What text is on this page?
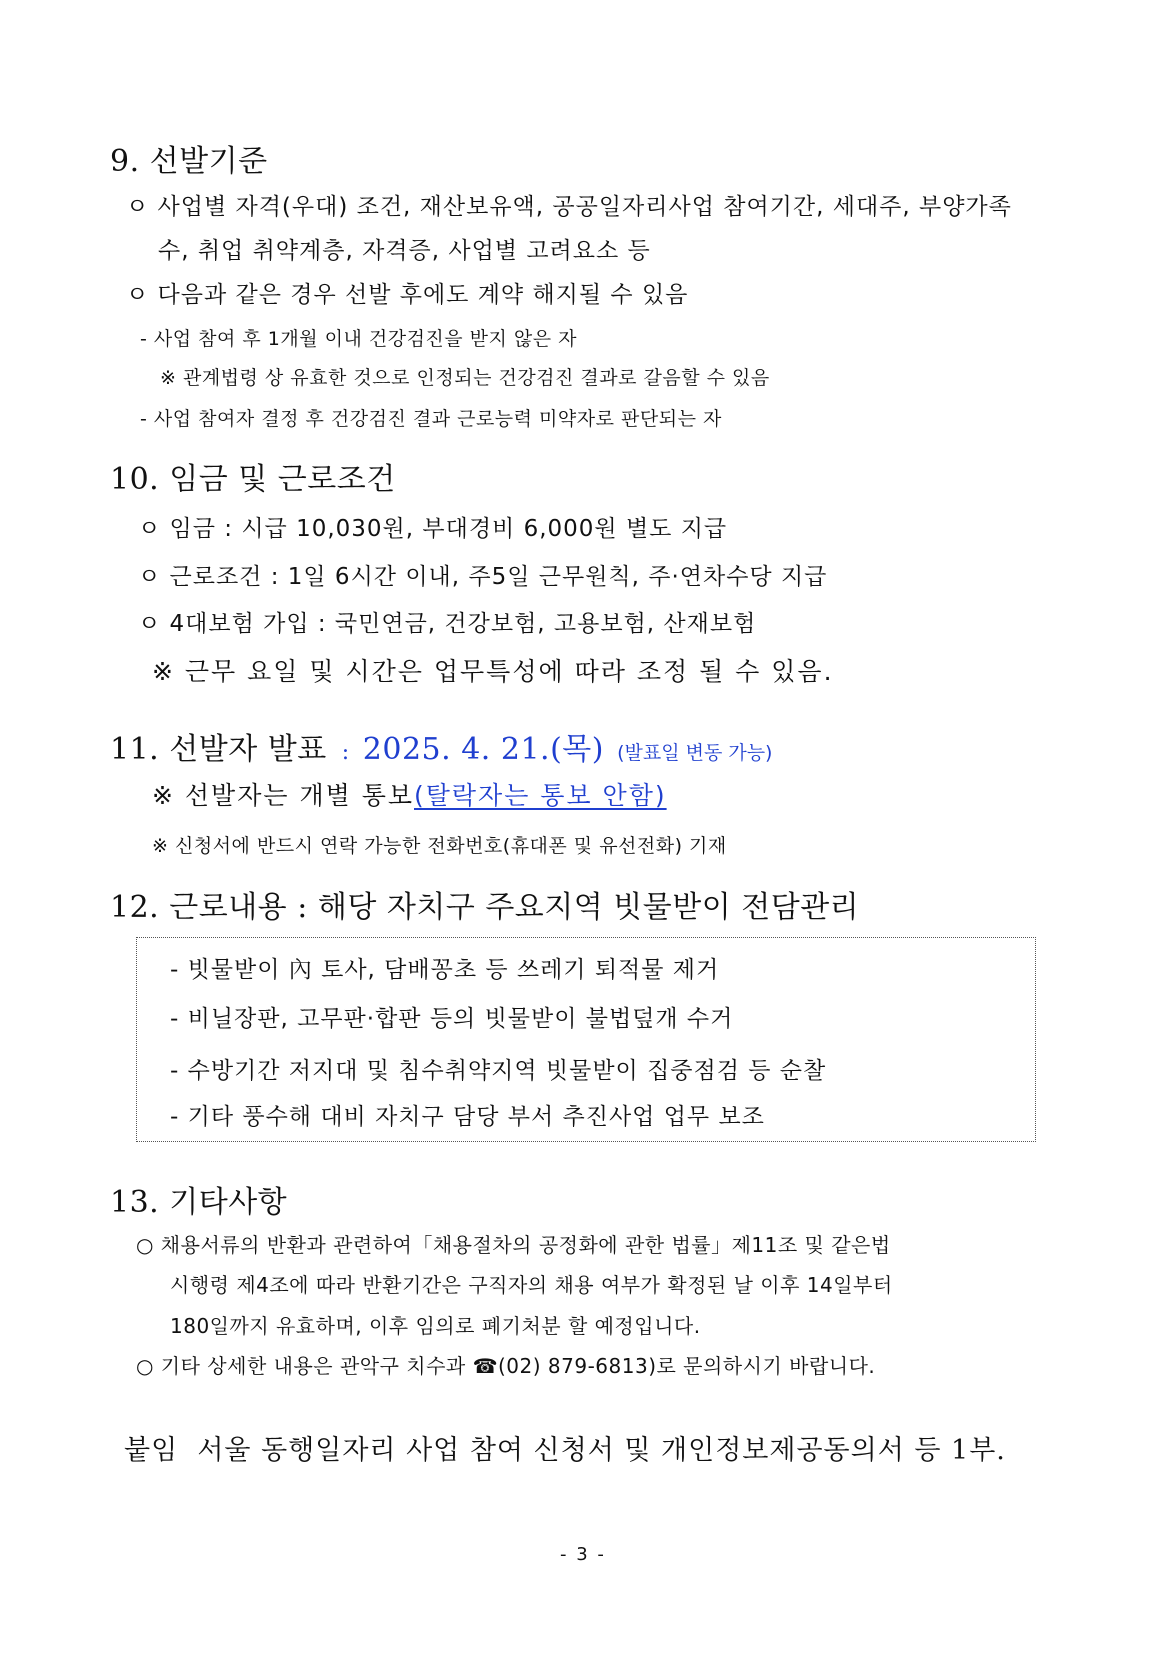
9. 선발기준
ㅇ 사업별 자격(우대) 조건, 재산보유액, 공공일자리사업 참여기간, 세대주, 부양가족
수, 취업 취약계층, 자격증, 사업별 고려요소 등
ㅇ 다음과 같은 경우 선발 후에도 계약 해지될 수 있음
- 사업 참여 후 1개월 이내 건강검진을 받지 않은 자
※ 관계법령 상 유효한 것으로 인정되는 건강검진 결과로 갈음할 수 있음
- 사업 참여자 결정 후 건강검진 결과 근로능력 미약자로 판단되는 자
10. 임금 및 근로조건
ㅇ 임금 : 시급 10,030원, 부대경비 6,000원 별도 지급
ㅇ 근로조건 : 1일 6시간 이내, 주5일 근무원칙, 주·연차수당 지급
ㅇ 4대보험 가입 : 국민연금, 건강보험, 고용보험, 산재보험
※ 근무 요일 및 시간은 업무특성에 따라 조정 될 수 있음.
11. 선발자 발표 : 2025. 4. 21.(목) (발표일 변동 가능)
※ 선발자는 개별 통보(탈락자는 통보 안함)
※ 신청서에 반드시 연락 가능한 전화번호(휴대폰 및 유선전화) 기재
12. 근로내용 : 해당 자치구 주요지역 빗물받이 전담관리
- 빗물받이 內 토사, 담배꽁초 등 쓰레기 퇴적물 제거
- 비닐장판, 고무판·합판 등의 빗물받이 불법덮개 수거
- 수방기간 저지대 및 침수취약지역 빗물받이 집중점검 등 순찰
- 기타 풍수해 대비 자치구 담당 부서 추진사업 업무 보조
13. 기타사항
○ 채용서류의 반환과 관련하여「채용절차의 공정화에 관한 법률」제11조 및 같은법
시행령 제4조에 따라 반환기간은 구직자의 채용 여부가 확정된 날 이후 14일부터
180일까지 유효하며, 이후 임의로 폐기처분 할 예정입니다.
○ 기타 상세한 내용은 관악구 치수과 ☎(02) 879-6813)로 문의하시기 바랍니다.
붙임  서울 동행일자리 사업 참여 신청서 및 개인정보제공동의서 등 1부.
- 3 -
